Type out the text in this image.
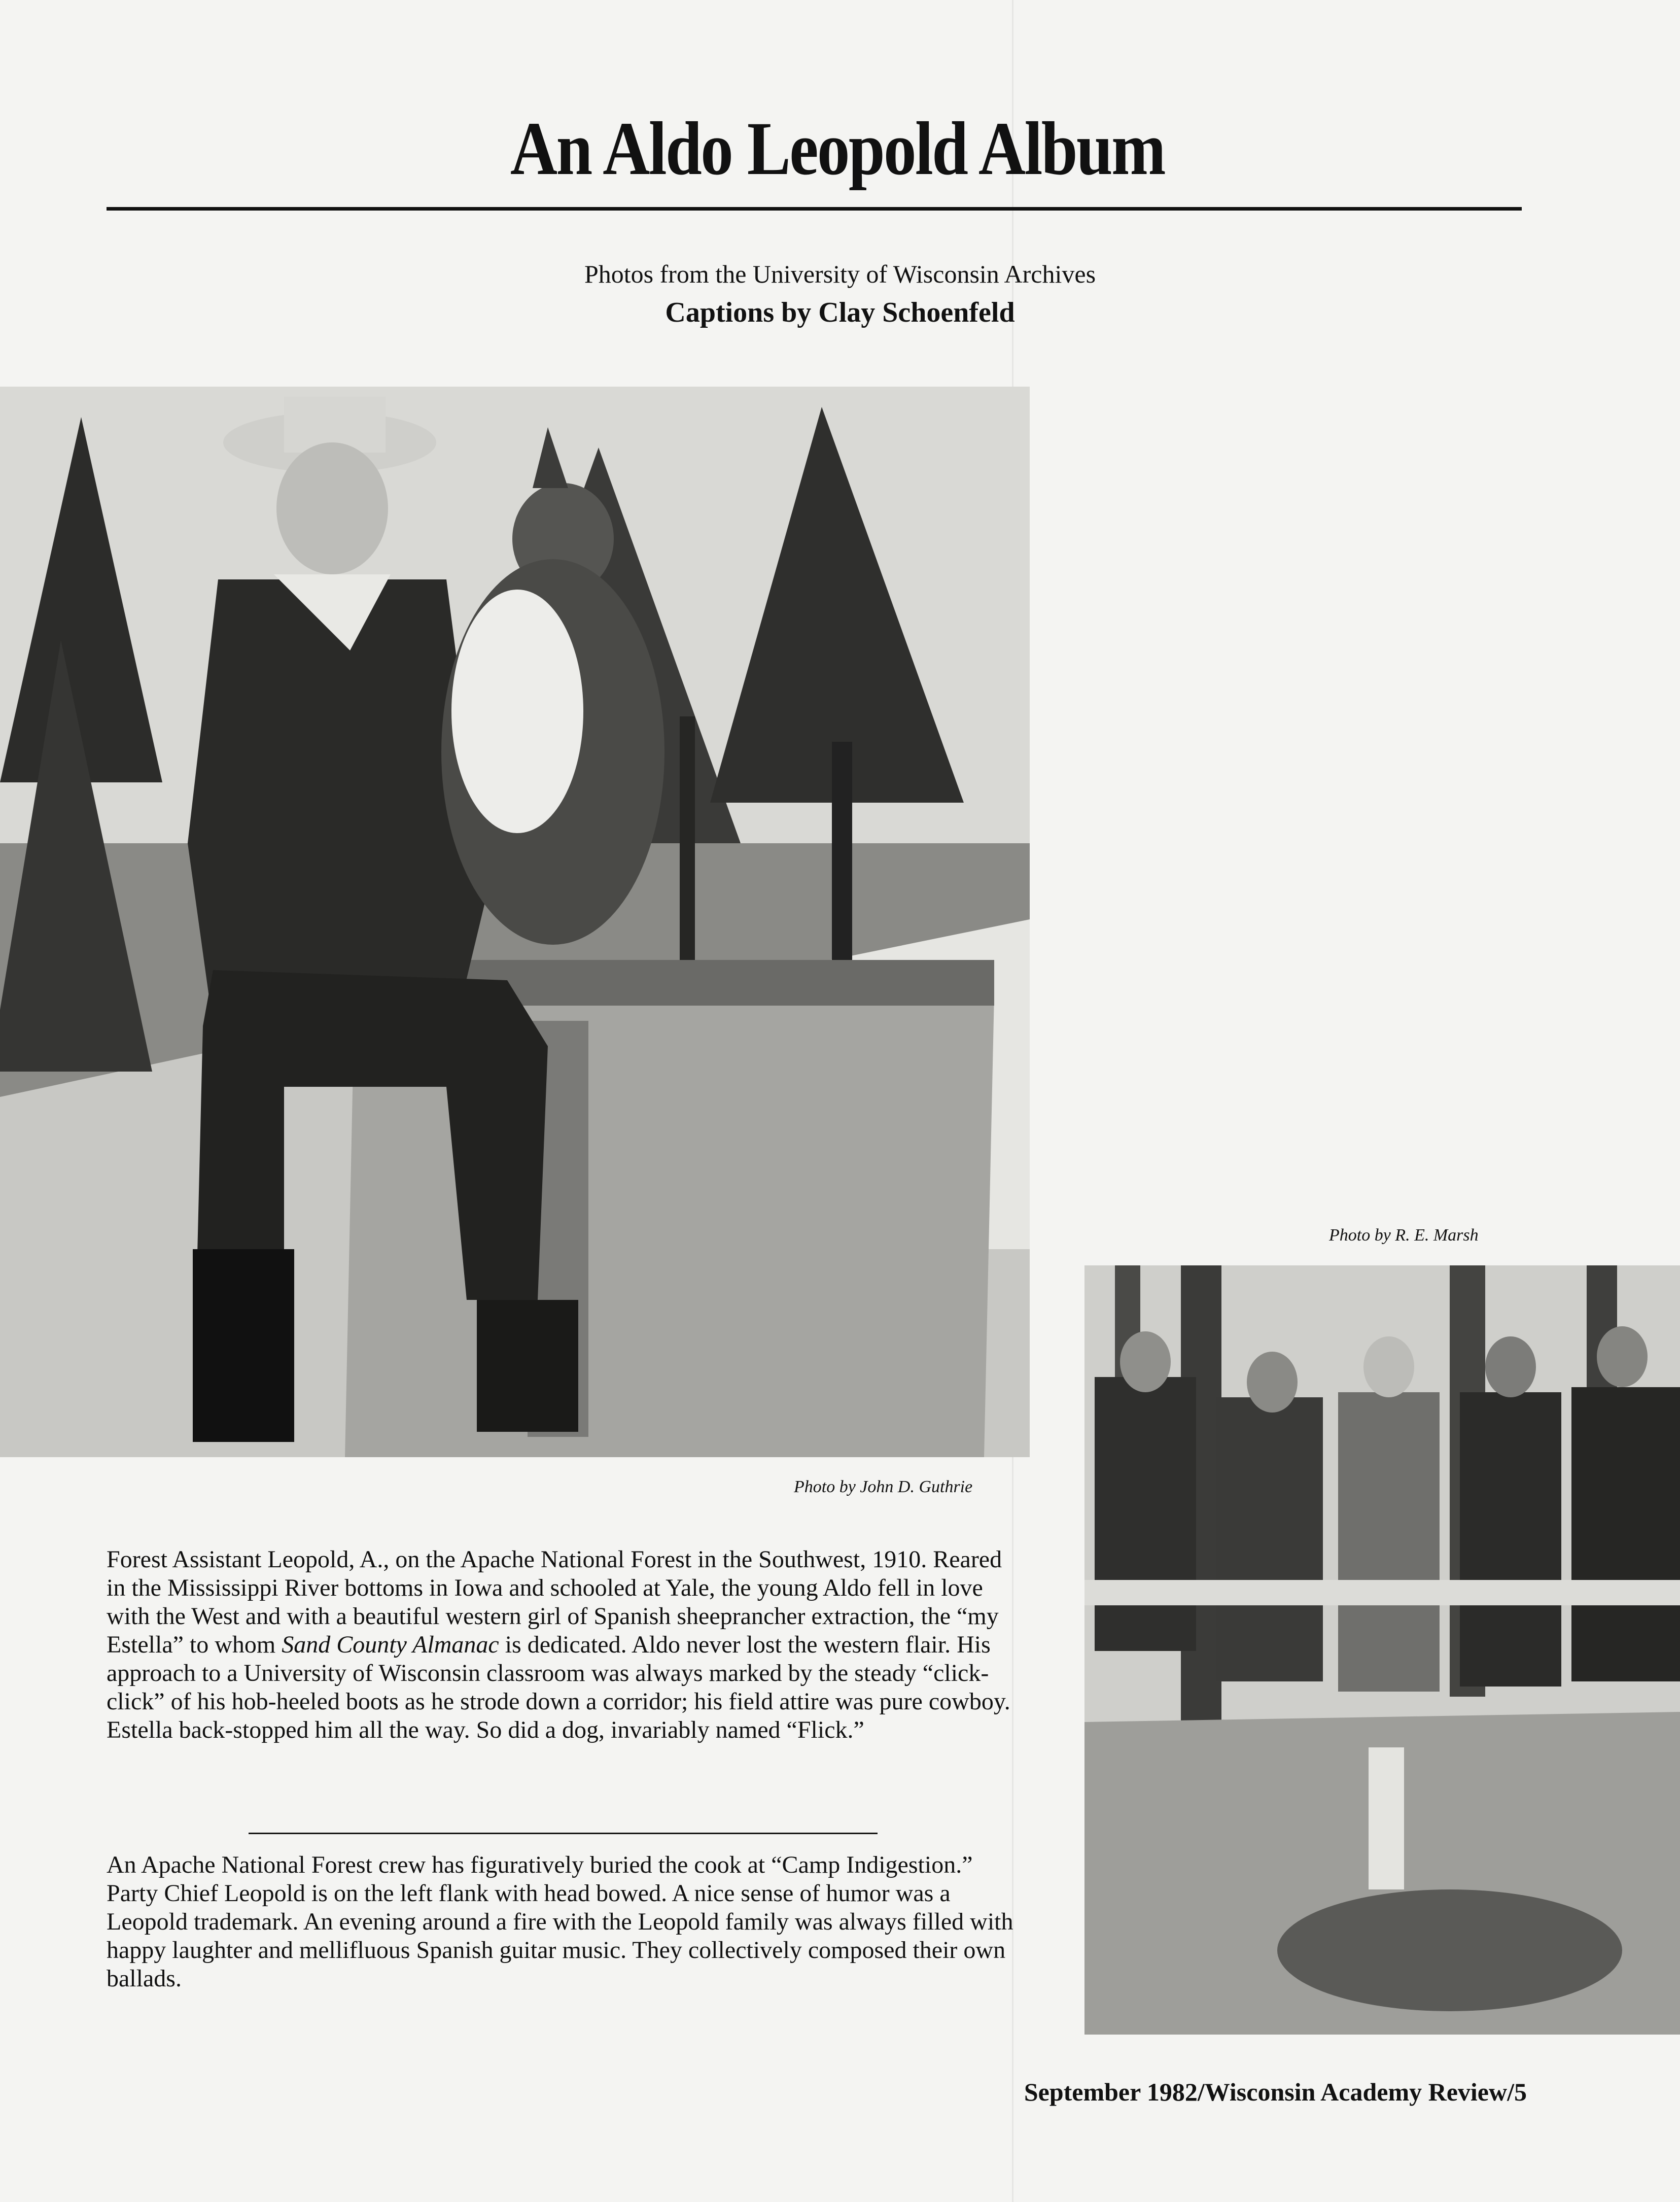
An Aldo Leopold Album
Photos from the University of Wisconsin Archives
Captions by Clay Schoenfeld
Photo by John D. Guthrie
Photo by R. E. Marsh
Forest Assistant Leopold, A., on the Apache National Forest in the Southwest, 1910. Reared in the Mississippi River bottoms in Iowa and schooled at Yale, the young Aldo fell in love with the West and with a beautiful western girl of Spanish sheeprancher extraction, the “my Estella” to whom Sand County Almanac is dedicated. Aldo never lost the western flair. His approach to a University of Wisconsin classroom was always marked by the steady “click-click” of his hob-heeled boots as he strode down a corridor; his field attire was pure cowboy. Estella back-stopped him all the way. So did a dog, invariably named “Flick.”
An Apache National Forest crew has figuratively buried the cook at “Camp Indigestion.” Party Chief Leopold is on the left flank with head bowed. A nice sense of humor was a Leopold trademark. An evening around a fire with the Leopold family was always filled with happy laughter and mellifluous Spanish guitar music. They collectively composed their own ballads.
September 1982/Wisconsin Academy Review/5
